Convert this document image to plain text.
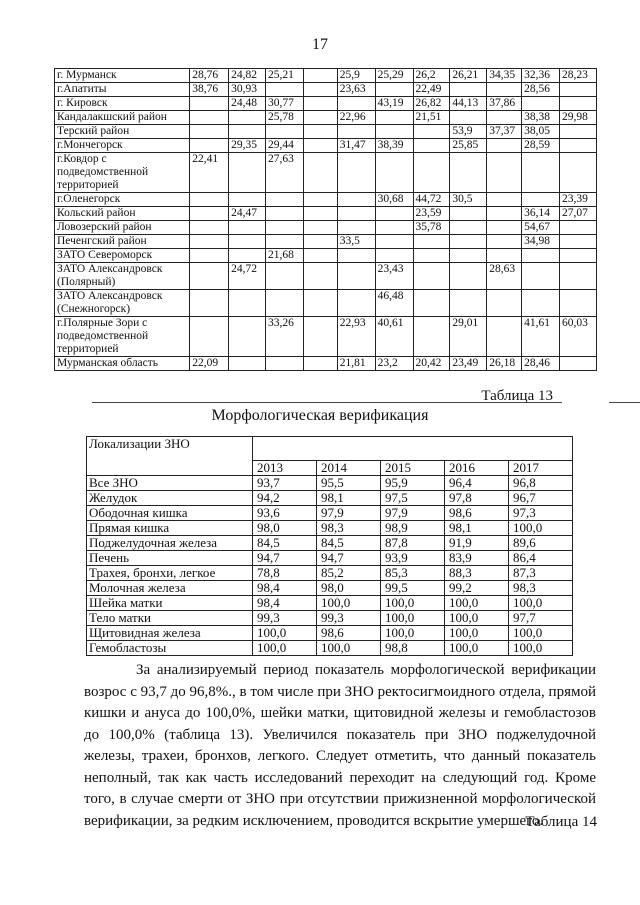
17
г. Мурманск	28,76	24,82	25,21		25,9	25,29	26,2	26,21	34,35	32,36	28,23
г.Апатиты	38,76	30,93			23,63		22,49			28,56	
г. Кировск		24,48	30,77			43,19	26,82	44,13	37,86		
Кандалакшский район			25,78		22,96		21,51			38,38	29,98
Терский район								53,9	37,37	38,05	
г.Мончегорск		29,35	29,44		31,47	38,39		25,85		28,59	
г.Ковдор с подведомственной территорией	22,41		27,63								
г.Оленегорск						30,68	44,72	30,5			23,39
Кольский район		24,47					23,59			36,14	27,07
Ловозерский район							35,78			54,67	
Печенгский район					33,5					34,98	
ЗАТО Североморск			21,68								
ЗАТО Александровск (Полярный)		24,72				23,43			28,63		
ЗАТО Александровск (Снежногорск)						46,48					
г.Полярные Зори с подведомственной территорией			33,26		22,93	40,61		29,01		41,61	60,03
Мурманская область	22,09				21,81	23,2	20,42	23,49	26,18	28,46	
Таблица 13
Морфологическая верификация
Локализации ЗНО					
	2013	2014	2015	2016	2017
Все ЗНО	93,7	95,5	95,9	96,4	96,8
Желудок	94,2	98,1	97,5	97,8	96,7
Ободочная кишка	93,6	97,9	97,9	98,6	97,3
Прямая кишка	98,0	98,3	98,9	98,1	100,0
Поджелудочная железа	84,5	84,5	87,8	91,9	89,6
Печень	94,7	94,7	93,9	83,9	86,4
Трахея, бронхи, легкое	78,8	85,2	85,3	88,3	87,3
Молочная железа	98,4	98,0	99,5	99,2	98,3
Шейка матки	98,4	100,0	100,0	100,0	100,0
Тело матки	99,3	99,3	100,0	100,0	97,7
Щитовидная железа	100,0	98,6	100,0	100,0	100,0
Гемобластозы	100,0	100,0	98,8	100,0	100,0

За анализируемый период показатель морфологической верификации возрос с 93,7 до 96,8%., в том числе при ЗНО ректосигмоидного отдела, прямой кишки и ануса до 100,0%, шейки матки, щитовидной железы и гемобластозов до 100,0% (таблица 13). Увеличился показатель при ЗНО поджелудочной железы, трахеи, бронхов, легкого. Следует отметить, что данный показатель неполный, так как часть исследований переходит на следующий год. Кроме того, в случае смерти от ЗНО при отсутствии прижизненной морфологической верификации, за редким исключением, проводится вскрытие умершего.

Таблица 14
